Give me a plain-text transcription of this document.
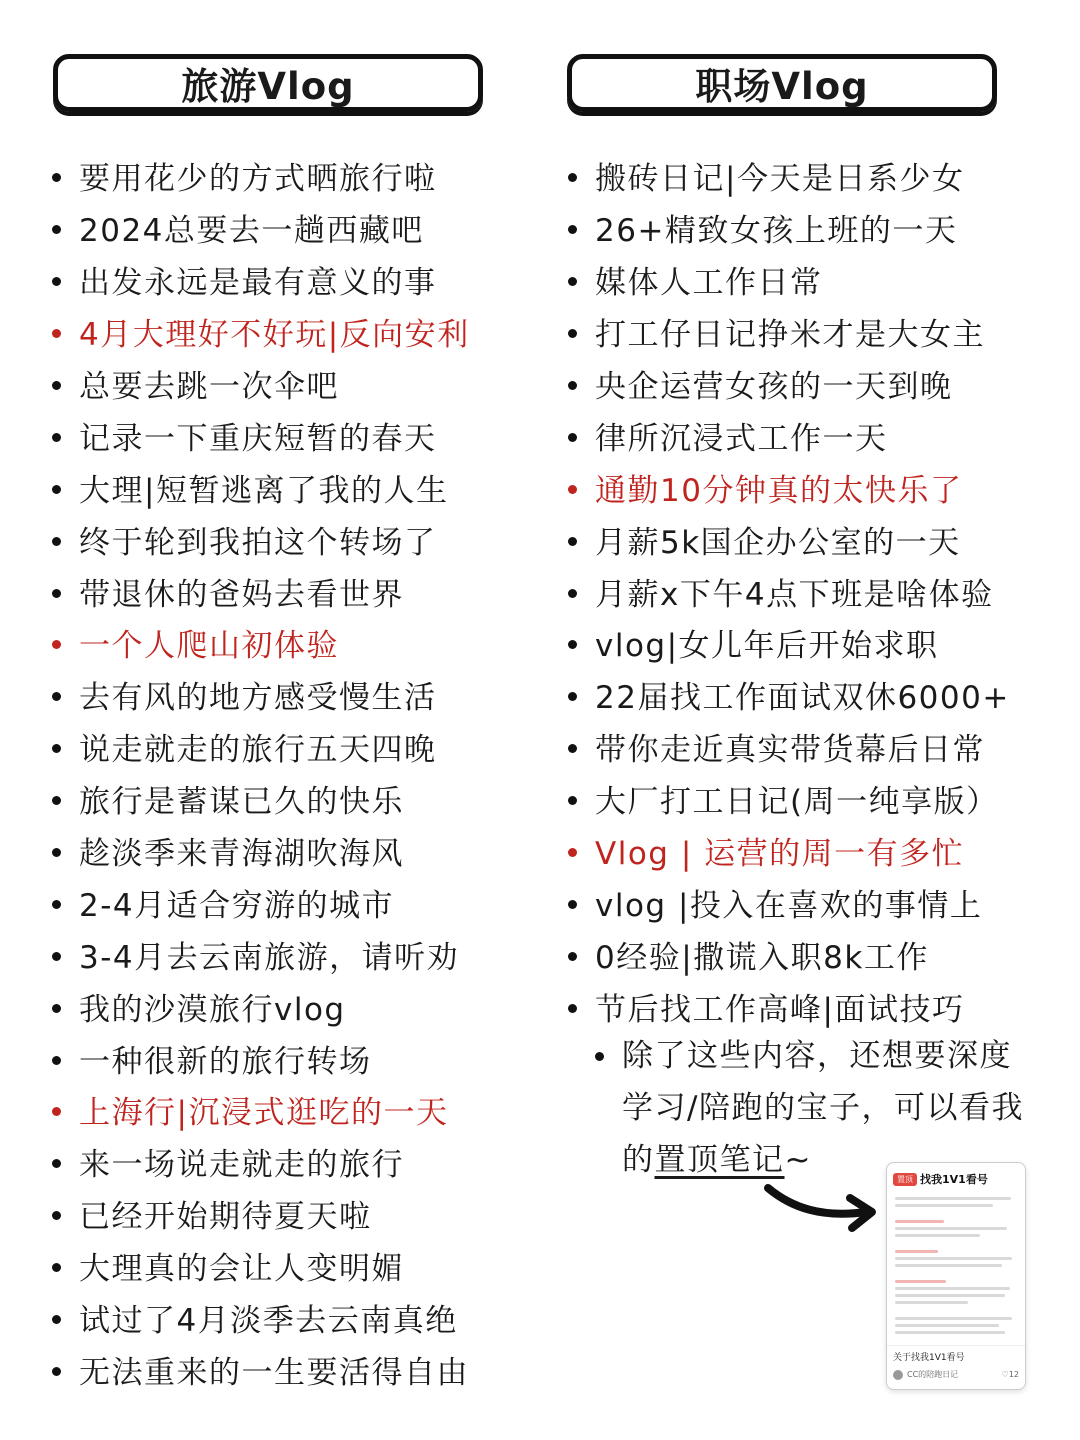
旅游Vlog
要用花少的方式晒旅行啦
2024总要去一趟西藏吧
出发永远是最有意义的事
4月大理好不好玩|反向安利
总要去跳一次伞吧
记录一下重庆短暂的春天
大理|短暂逃离了我的人生
终于轮到我拍这个转场了
带退休的爸妈去看世界
一个人爬山初体验
去有风的地方感受慢生活
说走就走的旅行五天四晚
旅行是蓄谋已久的快乐
趁淡季来青海湖吹海风
2-4月适合穷游的城市
3-4月去云南旅游，请听劝
我的沙漠旅行vlog
一种很新的旅行转场
上海行|沉浸式逛吃的一天
来一场说走就走的旅行
已经开始期待夏天啦
大理真的会让人变明媚
试过了4月淡季去云南真绝
无法重来的一生要活得自由
职场Vlog
搬砖日记|今天是日系少女
26+精致女孩上班的一天
媒体人工作日常
打工仔日记挣米才是大女主
央企运营女孩的一天到晚
律所沉浸式工作一天
通勤10分钟真的太快乐了
月薪5k国企办公室的一天
月薪x下午4点下班是啥体验
vlog|女儿年后开始求职
22届找工作面试双休6000+
带你走近真实带货幕后日常
大厂打工日记(周一纯享版）
Vlog | 运营的周一有多忙
vlog |投入在喜欢的事情上
0经验|撒谎入职8k工作
节后找工作高峰|面试技巧
除了这些内容，还想要深度
学习/陪跑的宝子，可以看我
的置顶笔记~
置顶 找我1V1看号
关于找我1V1看号
CC的陪跑日记	♡12
